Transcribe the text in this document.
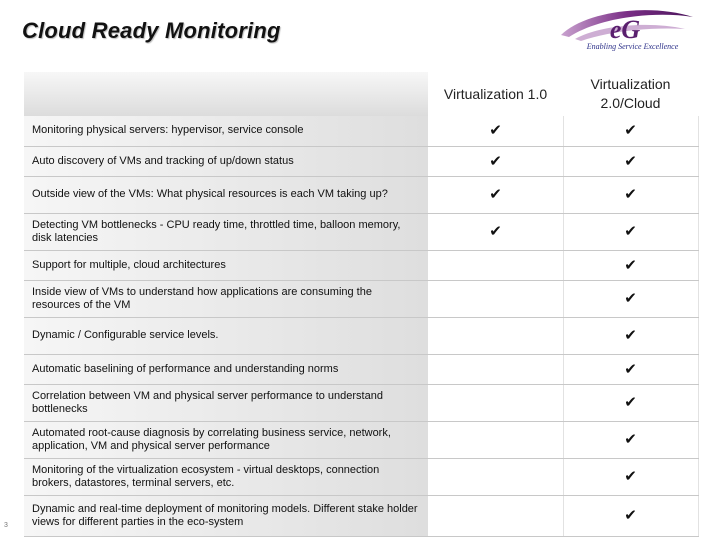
Cloud Ready Monitoring	eG
Enabling Service Excellence
	Virtualization 1.0	Virtualization 2.0/Cloud
Monitoring physical servers: hypervisor, service console	✔	✔
Auto discovery of VMs and tracking of up/down status	✔	✔
Outside view of the VMs: What physical resources is each VM taking up?	✔	✔
Detecting VM bottlenecks - CPU ready time, throttled time, balloon memory, disk latencies	✔	✔
Support for multiple, cloud architectures		✔
Inside view of VMs to understand how applications are consuming the resources of the VM		✔
Dynamic / Configurable service levels.		✔
Automatic baselining of performance and understanding norms		✔
Correlation between VM and physical server performance to understand bottlenecks		✔
Automated root-cause diagnosis by correlating business service, network, application, VM and physical server performance		✔
Monitoring of the virtualization ecosystem - virtual desktops, connection brokers, datastores, terminal servers, etc.		✔
Dynamic and real-time deployment of monitoring models. Different stake holder views for different parties in the eco-system		✔
3
